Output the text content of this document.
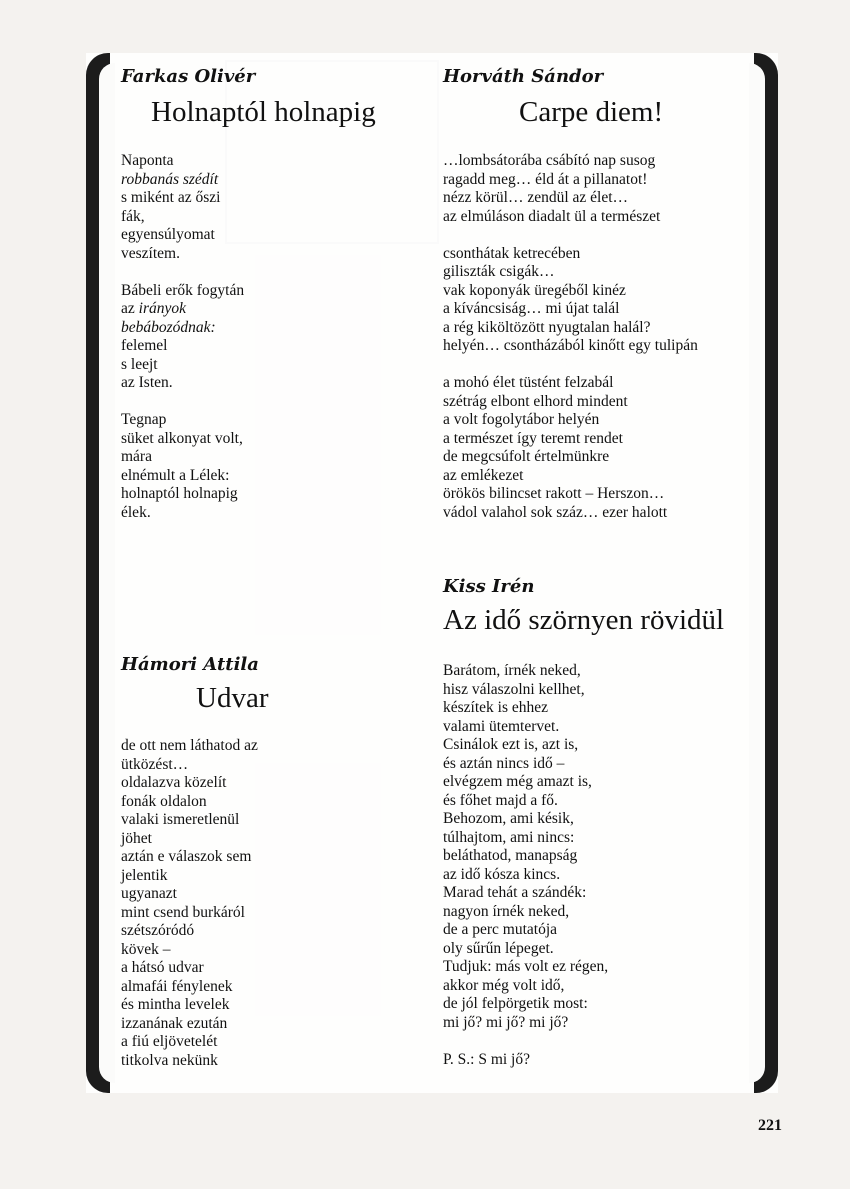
Farkas Olivér
Holnaptól holnapig
Naponta
robbanás szédít
s miként az őszi
fák,
egyensúlyomat
veszítem.
Bábeli erők fogytán
az irányok
bebábozódnak:
felemel
s leejt
az Isten.
Tegnap
süket alkonyat volt,
mára
elnémult a Lélek:
holnaptól holnapig
élek.
Hámori Attila
Udvar
de ott nem láthatod az
ütközést…
oldalazva közelít
fonák oldalon
valaki ismeretlenül
jöhet
aztán e válaszok sem
jelentik
ugyanazt
mint csend burkáról
szétszóródó
kövek –
a hátsó udvar
almafái fénylenek
és mintha levelek
izzanának ezután
a fiú eljövetelét
titkolva nekünk
Horváth Sándor
Carpe diem!
…lombsátorába csábító nap susog
ragadd meg… éld át a pillanatot!
nézz körül… zendül az élet…
az elmúláson diadalt ül a természet
csonthátak ketrecében
giliszták csigák…
vak koponyák üregéből kinéz
a kíváncsiság… mi újat talál
a rég kiköltözött nyugtalan halál?
helyén… csontházából kinőtt egy tulipán
a mohó élet tüstént felzabál
szétrág elbont elhord mindent
a volt fogolytábor helyén
a természet így teremt rendet
de megcsúfolt értelmünkre
az emlékezet
örökös bilincset rakott – Herszon…
vádol valahol sok száz… ezer halott
Kiss Irén
Az idő szörnyen rövidül
Barátom, írnék neked,
hisz válaszolni kellhet,
készítek is ehhez
valami ütemtervet.
Csinálok ezt is, azt is,
és aztán nincs idő –
elvégzem még amazt is,
és főhet majd a fő.
Behozom, ami késik,
túlhajtom, ami nincs:
beláthatod, manapság
az idő kósza kincs.
Marad tehát a szándék:
nagyon írnék neked,
de a perc mutatója
oly sűrűn lépeget.
Tudjuk: más volt ez régen,
akkor még volt idő,
de jól felpörgetik most:
mi jő? mi jő? mi jő?
P. S.: S mi jő?
221
